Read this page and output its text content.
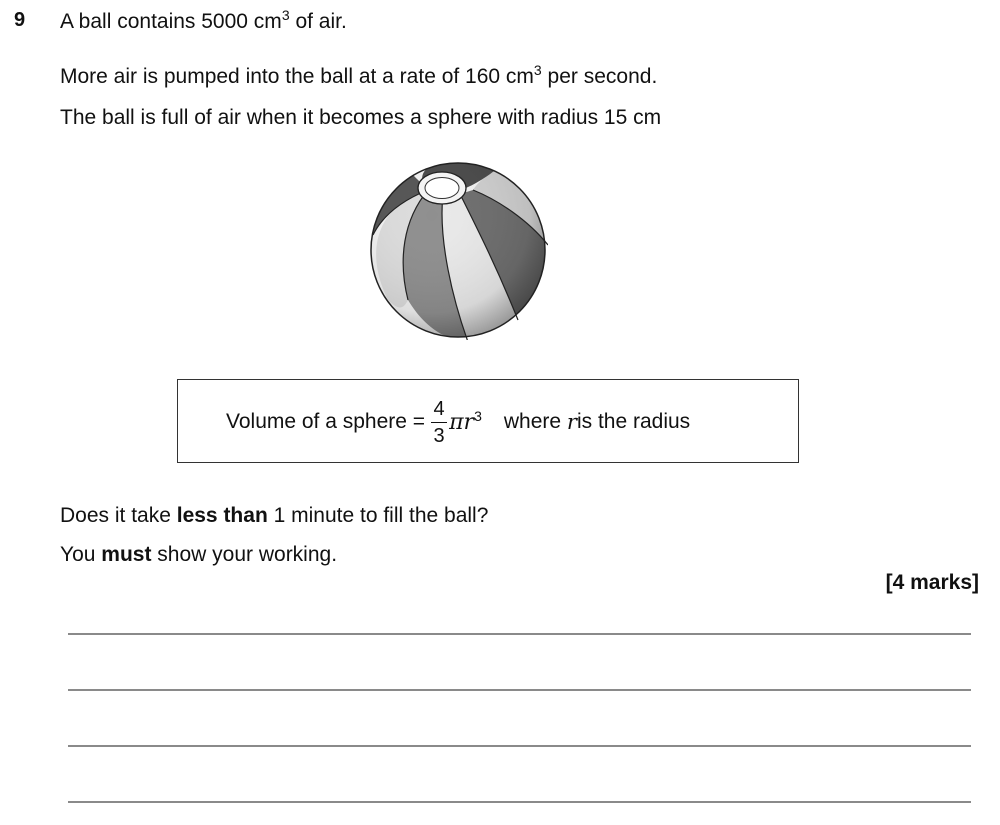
9 A ball contains 5000 $cm^3$ of air.
More air is pumped into the ball at a rate of 160 $cm^3$ per second.
The ball is full of air when it becomes a sphere with radius 15 cm
Volume of a sphere = $\frac{4}{3} \pi r^3$ where
r is the radius
Does it take less than 1 minute to fill the ball?
You must show your working.
[4 marks]
